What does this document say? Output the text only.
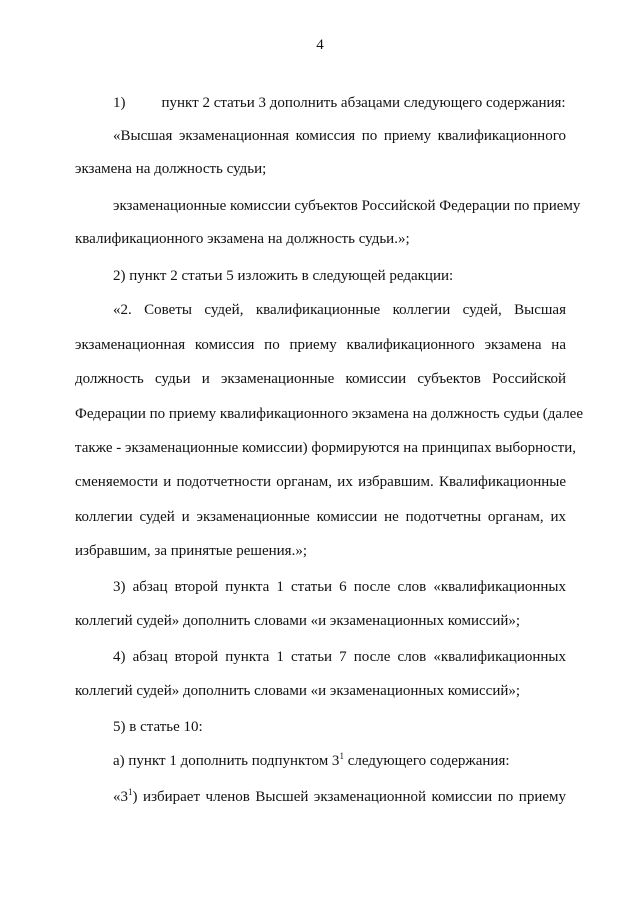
4
1) пункт 2 статьи 3 дополнить абзацами следующего содержания:
«Высшая экзаменационная комиссия по приему квалификационного
экзамена на должность судьи;
экзаменационные комиссии субъектов Российской Федерации по приему
квалификационного экзамена на должность судьи.»;
2) пункт 2 статьи 5 изложить в следующей редакции:
«2. Советы судей, квалификационные коллегии судей, Высшая
экзаменационная комиссия по приему квалификационного экзамена на
должность судьи и экзаменационные комиссии субъектов Российской
Федерации по приему квалификационного экзамена на должность судьи (далее
также - экзаменационные комиссии) формируются на принципах выборности,
сменяемости и подотчетности органам, их избравшим. Квалификационные
коллегии судей и экзаменационные комиссии не подотчетны органам, их
избравшим, за принятые решения.»;
3) абзац второй пункта 1 статьи 6 после слов «квалификационных
коллегий судей» дополнить словами «и экзаменационных комиссий»;
4) абзац второй пункта 1 статьи 7 после слов «квалификационных
коллегий судей» дополнить словами «и экзаменационных комиссий»;
5) в статье 10:
а) пункт 1 дополнить подпунктом $3^1$ следующего содержания:
«$3^1$) избирает членов Высшей экзаменационной комиссии по приему
